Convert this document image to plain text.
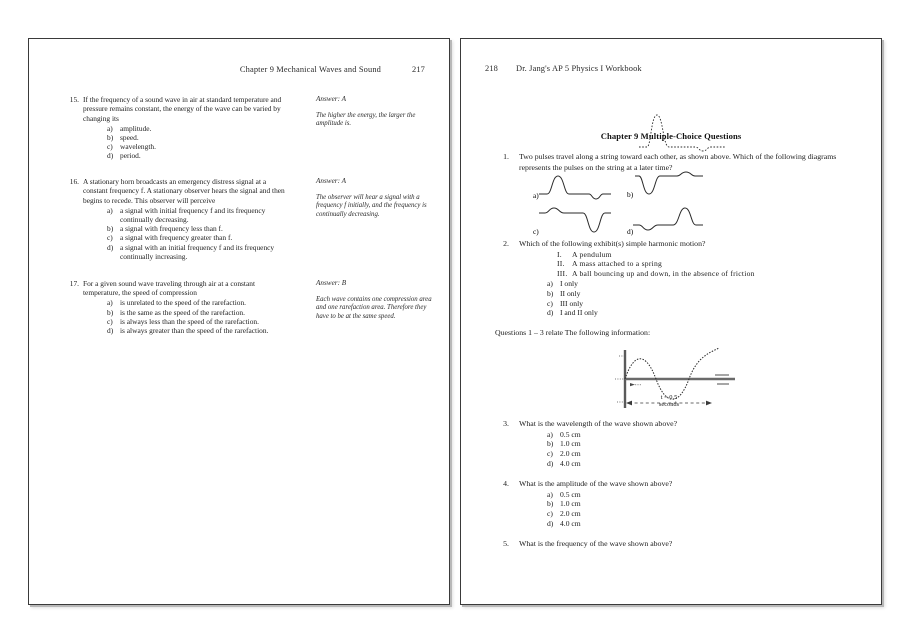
Chapter 9 Mechanical Waves and Sound	217
15. If the frequency of a sound wave in air at standard temperature and pressure remains constant, the energy of the wave can be varied by changing its
a) amplitude.
b) speed.
c) wavelength.
d) period.
Answer: A
The higher the energy, the larger the amplitude is.
16. A stationary horn broadcasts an emergency distress signal at a constant frequency f. A stationary observer hears the signal and then begins to recede. This observer will perceive
a) a signal with initial frequency f and its frequency continually decreasing.
b) a signal with frequency less than f.
c) a signal with frequency greater than f.
d) a signal with an initial frequency f and its frequency continually increasing.
Answer: A
The observer will hear a signal with a frequency f initially, and the frequency is continually decreasing.
17. For a given sound wave traveling through air at a constant temperature, the speed of compression
a) is unrelated to the speed of the rarefaction.
b) is the same as the speed of the rarefaction.
c) is always less than the speed of the rarefaction.
d) is always greater than the speed of the rarefaction.
Answer: B
Each wave contains one compression area and one rarefaction area. Therefore they have to be at the same speed.
218 Dr. Jang's AP 5 Physics I Workbook
Chapter 9 Multiple-Choice Questions
1. Two pulses travel along a string toward each other, as shown above. Which of the following diagrams represents the pulses on the string at a later time?
a)	b)
c)	d)
2. Which of the following exhibit(s) simple harmonic motion?
I. A pendulum
II. A mass attached to a spring
III. A ball bouncing up and down, in the absence of friction
a) I only
b) II only
c) III only
d) I and II only
Questions 1 – 3 relate The following information:
t = 0.5
seconds
3. What is the wavelength of the wave shown above?
a) 0.5 cm
b) 1.0 cm
c) 2.0 cm
d) 4.0 cm
4. What is the amplitude of the wave shown above?
a) 0.5 cm
b) 1.0 cm
c) 2.0 cm
d) 4.0 cm
5. What is the frequency of the wave shown above?
